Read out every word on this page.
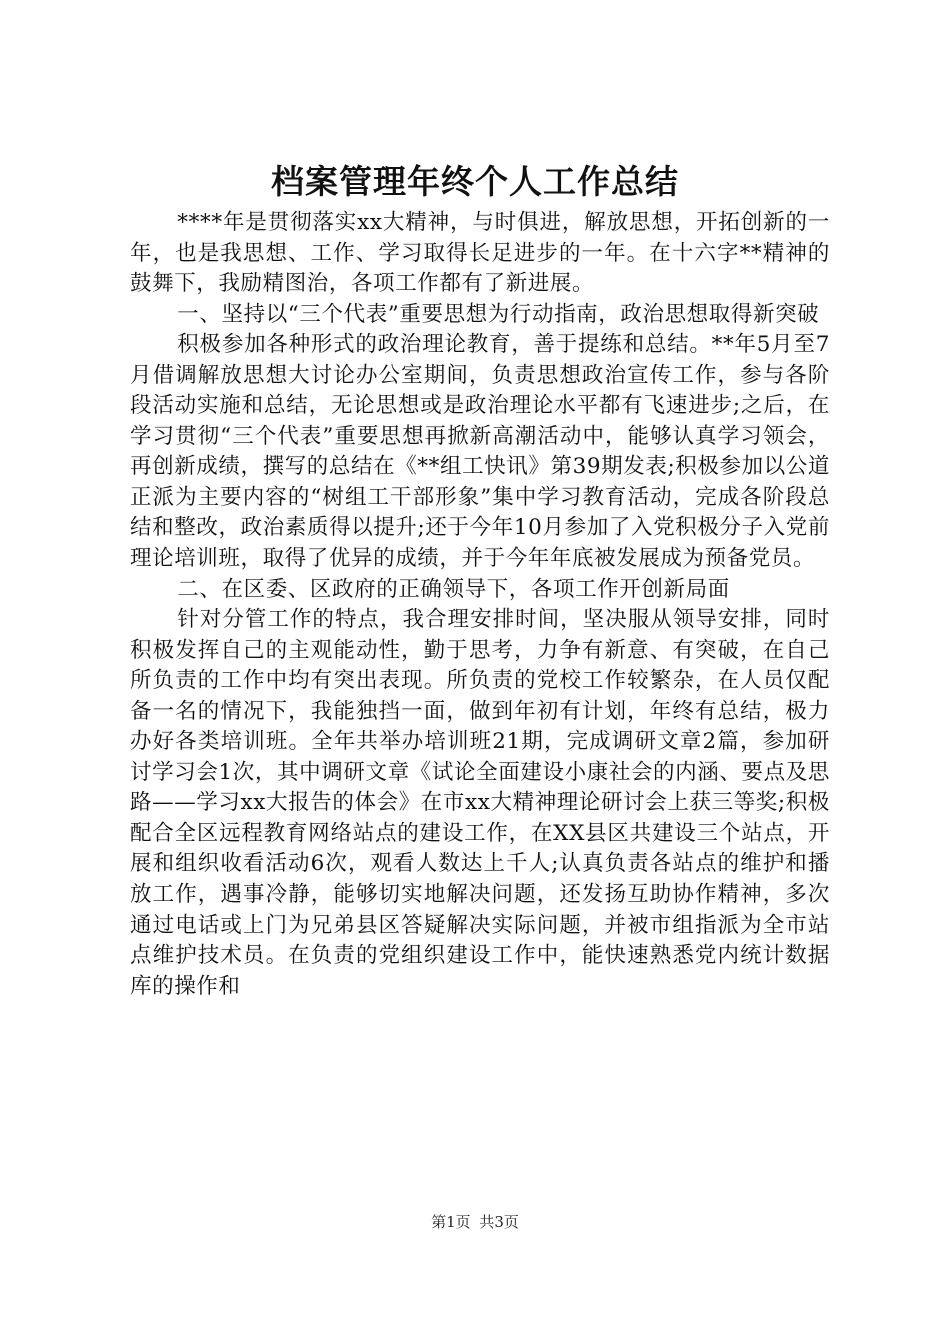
档案管理年终个人工作总结

****年是贯彻落实xx大精神，与时俱进，解放思想，开拓创新的一年，也是我思想、工作、学习取得长足进步的一年。在十六字**精神的鼓舞下，我励精图治，各项工作都有了新进展。

一、坚持以“三个代表”重要思想为行动指南，政治思想取得新突破

积极参加各种形式的政治理论教育，善于提练和总结。**年5月至7月借调解放思想大讨论办公室期间，负责思想政治宣传工作，参与各阶段活动实施和总结，无论思想或是政治理论水平都有飞速进步;之后，在学习贯彻“三个代表”重要思想再掀新高潮活动中，能够认真学习领会，再创新成绩，撰写的总结在《**组工快讯》第39期发表;积极参加以公道正派为主要内容的“树组工干部形象”集中学习教育活动，完成各阶段总结和整改，政治素质得以提升;还于今年10月参加了入党积极分子入党前理论培训班，取得了优异的成绩，并于今年年底被发展成为预备党员。

二、在区委、区政府的正确领导下，各项工作开创新局面

针对分管工作的特点，我合理安排时间，坚决服从领导安排，同时积极发挥自己的主观能动性，勤于思考，力争有新意、有突破，在自己所负责的工作中均有突出表现。所负责的党校工作较繁杂，在人员仅配备一名的情况下，我能独挡一面，做到年初有计划，年终有总结，极力办好各类培训班。全年共举办培训班21期，完成调研文章2篇，参加研讨学习会1次，其中调研文章《试论全面建设小康社会的内涵、要点及思路——学习xx大报告的体会》在市xx大精神理论研讨会上获三等奖;积极配合全区远程教育网络站点的建设工作，在XX县区共建设三个站点，开展和组织收看活动6次，观看人数达上千人;认真负责各站点的维护和播放工作，遇事冷静，能够切实地解决问题，还发扬互助协作精神，多次通过电话或上门为兄弟县区答疑解决实际问题，并被市组指派为全市站点维护技术员。在负责的党组织建设工作中，能快速熟悉党内统计数据库的操作和

第1页 共3页
